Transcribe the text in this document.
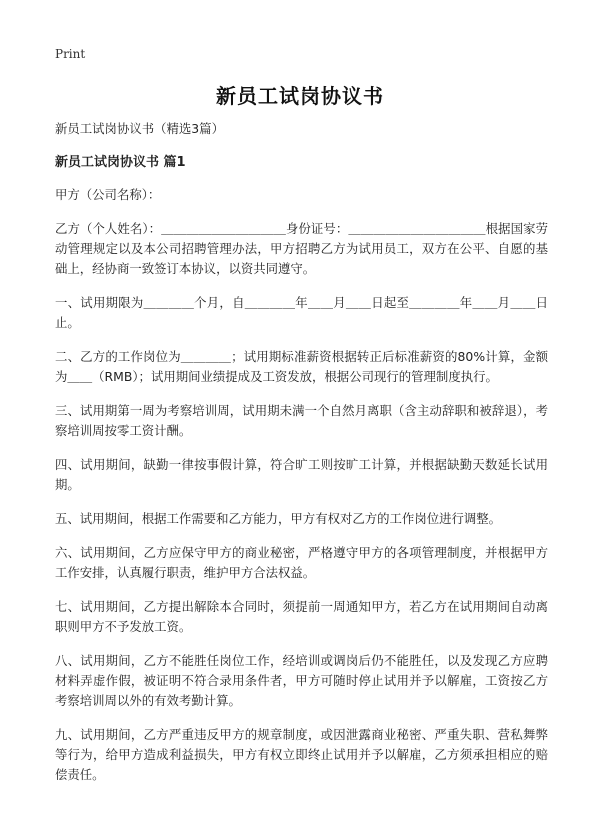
Print
新员工试岗协议书

新员工试岗协议书（精选3篇）

新员工试岗协议书 篇1

甲方（公司名称）：

乙方（个人姓名）：＿＿＿＿＿＿＿＿＿＿身份证号：＿＿＿＿＿＿＿＿＿＿＿根据国家劳动管理规定以及本公司招聘管理办法，甲方招聘乙方为试用员工，双方在公平、自愿的基础上，经协商一致签订本协议，以资共同遵守。

一、试用期限为＿＿＿＿个月，自＿＿＿＿年＿＿月＿＿日起至＿＿＿＿年＿＿月＿＿日止。

二、乙方的工作岗位为＿＿＿＿；试用期标准薪资根据转正后标准薪资的80%计算，金额为＿＿（RMB）；试用期间业绩提成及工资发放，根据公司现行的管理制度执行。

三、试用期第一周为考察培训周，试用期未满一个自然月离职（含主动辞职和被辞退），考察培训周按零工资计酬。

四、试用期间，缺勤一律按事假计算，符合旷工则按旷工计算，并根据缺勤天数延长试用期。

五、试用期间，根据工作需要和乙方能力，甲方有权对乙方的工作岗位进行调整。

六、试用期间，乙方应保守甲方的商业秘密，严格遵守甲方的各项管理制度，并根据甲方工作安排，认真履行职责，维护甲方合法权益。

七、试用期间，乙方提出解除本合同时，须提前一周通知甲方，若乙方在试用期间自动离职则甲方不予发放工资。

八、试用期间，乙方不能胜任岗位工作，经培训或调岗后仍不能胜任，以及发现乙方应聘材料弄虚作假，被证明不符合录用条件者，甲方可随时停止试用并予以解雇，工资按乙方考察培训周以外的有效考勤计算。

九、试用期间，乙方严重违反甲方的规章制度，或因泄露商业秘密、严重失职、营私舞弊等行为，给甲方造成利益损失，甲方有权立即终止试用并予以解雇，乙方须承担相应的赔偿责任。
